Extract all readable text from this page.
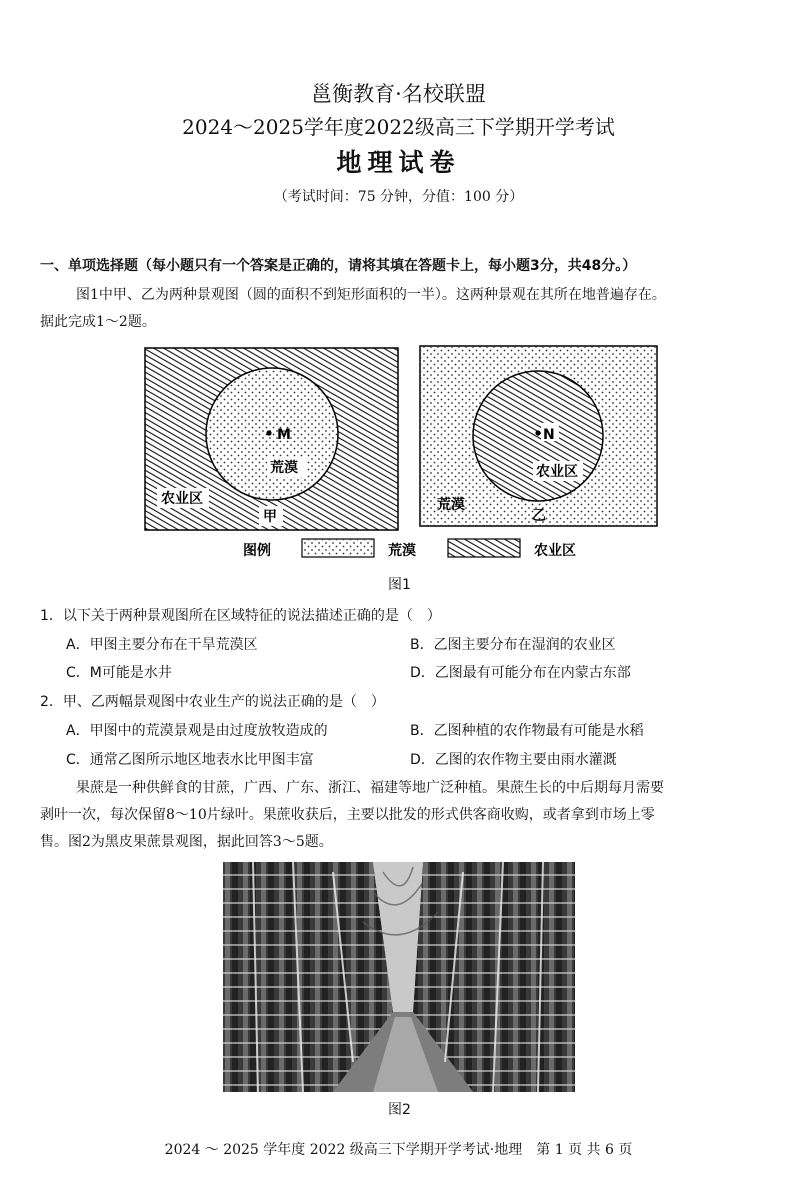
邕衡教育·名校联盟
2024～2025学年度2022级高三下学期开学考试
地理试卷
（考试时间：75 分钟，分值：100 分）
一、单项选择题（每小题只有一个答案是正确的，请将其填在答题卡上，每小题3分，共48分。）
图1中甲、乙为两种景观图（圆的面积不到矩形面积的一半）。这两种景观在其所在地普遍存在。
据此完成1～2题。
M
荒漠
农业区
甲
N
农业区
荒漠
乙
图例	荒漠	农业区
图1
1．以下关于两种景观图所在区域特征的说法描述正确的是（　）
A．甲图主要分布在干旱荒漠区	B．乙图主要分布在湿润的农业区
C．M可能是水井	D．乙图最有可能分布在内蒙古东部
2．甲、乙两幅景观图中农业生产的说法正确的是（　）
A．甲图中的荒漠景观是由过度放牧造成的	B．乙图种植的农作物最有可能是水稻
C．通常乙图所示地区地表水比甲图丰富	D．乙图的农作物主要由雨水灌溉
果蔗是一种供鲜食的甘蔗，广西、广东、浙江、福建等地广泛种植。果蔗生长的中后期每月需要
剥叶一次，每次保留8～10片绿叶。果蔗收获后，主要以批发的形式供客商收购，或者拿到市场上零
售。图2为黑皮果蔗景观图，据此回答3～5题。
图2
2024 ～ 2025 学年度 2022 级高三下学期开学考试·地理　第 1 页 共 6 页
